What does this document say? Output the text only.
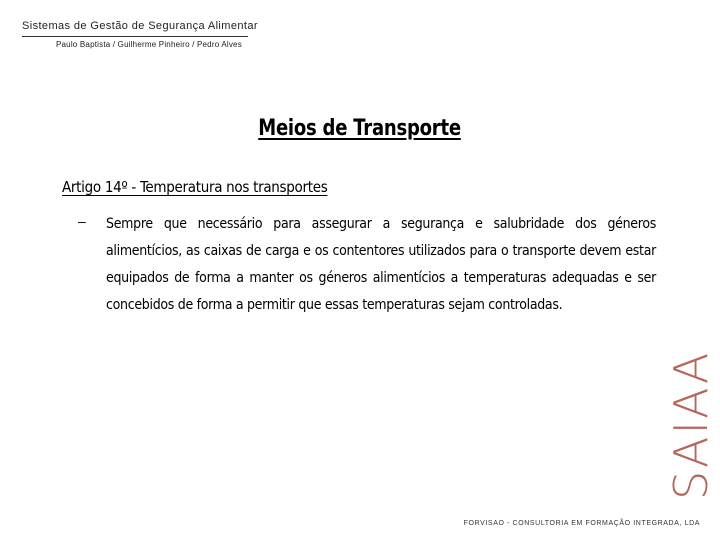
Sistemas de Gestão de Segurança Alimentar
Paulo Baptista / Guilherme Pinheiro / Pedro Alves
Meios de Transporte
Artigo 14º - Temperatura nos transportes
– Sempre que necessário para assegurar a segurança e salubridade dos géneros alimentícios, as caixas de carga e os contentores utilizados para o transporte devem estar equipados de forma a manter os géneros alimentícios a temperaturas adequadas e ser concebidos de forma a permitir que essas temperaturas sejam controladas.
SAIAA
FORVISAO - CONSULTORIA EM FORMAÇÃO INTEGRADA, LDA
